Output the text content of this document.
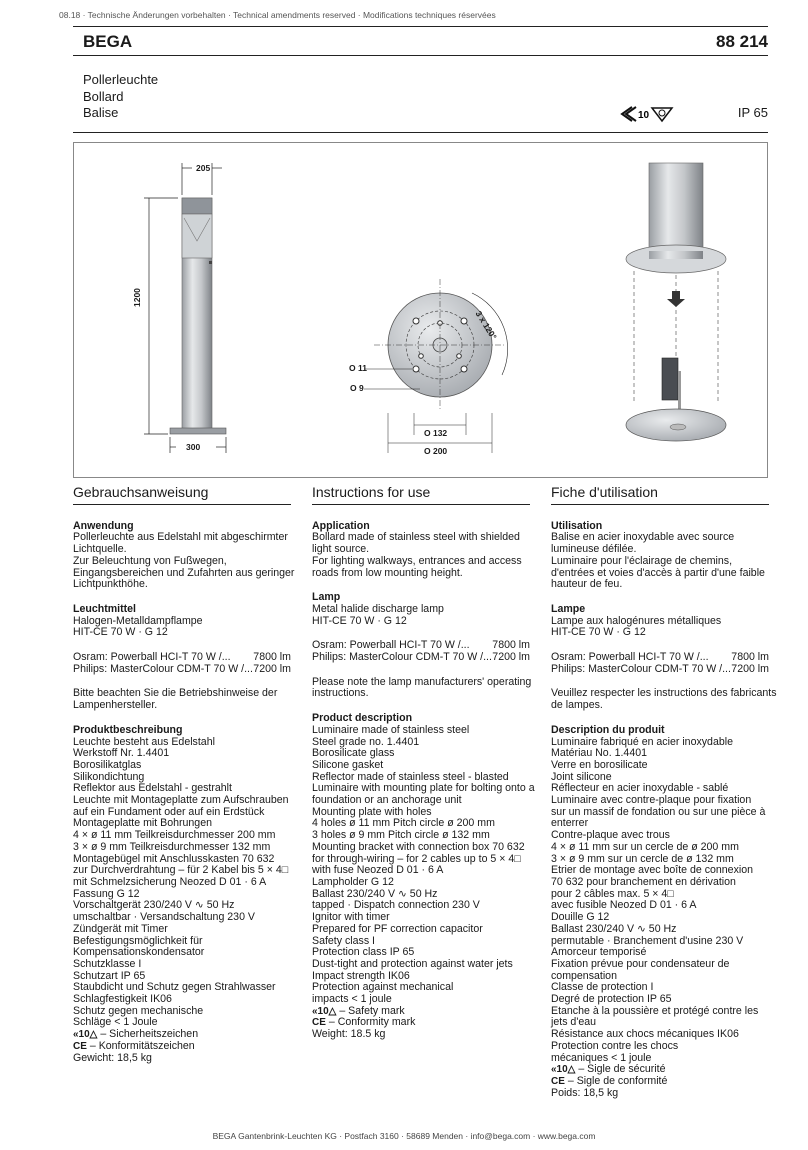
08.18 · Technische Änderungen vorbehalten · Technical amendments reserved · Modifications techniques réservées
BEGA	88 214
Pollerleuchte
Bollard
Balise	10	IP 65
205
1200
300
3 x 120°
O 11
O 9
O 132
O 200
Gebrauchsanweisung
Anwendung
Pollerleuchte aus Edelstahl mit abgeschirmter
Lichtquelle.
Zur Beleuchtung von Fußwegen,
Eingangsbereichen und Zufahrten aus geringer
Lichtpunkthöhe.
Leuchtmittel
Halogen-Metalldampflampe
HIT-CE 70 W · G 12
Osram: Powerball HCI-T 70 W /... 7800 lm
Philips: MasterColour CDM-T 70 W /... 7200 lm
Bitte beachten Sie die Betriebshinweise der
Lampenhersteller.
Produktbeschreibung
Leuchte besteht aus Edelstahl
Werkstoff Nr. 1.4401
Borosilikatglas
Silikondichtung
Reflektor aus Edelstahl - gestrahlt
Leuchte mit Montageplatte zum Aufschrauben
auf ein Fundament oder auf ein Erdstück
Montageplatte mit Bohrungen
4 × ø 11 mm Teilkreisdurchmesser 200 mm
3 × ø 9 mm Teilkreisdurchmesser 132 mm
Montagebügel mit Anschlusskasten 70 632
zur Durchverdrahtung – für 2 Kabel bis 5 × 4□
mit Schmelzsicherung Neozed D 01 · 6 A
Fassung G 12
Vorschaltgerät 230/240 V ∿ 50 Hz
umschaltbar · Versandschaltung 230 V
Zündgerät mit Timer
Befestigungsmöglichkeit für
Kompensationskondensator
Schutzklasse I
Schutzart IP 65
Staubdicht und Schutz gegen Strahlwasser
Schlagfestigkeit IK06
Schutz gegen mechanische
Schläge < 1 Joule
«10△ – Sicherheitszeichen
CE – Konformitätszeichen
Gewicht: 18,5 kg
Instructions for use
Application
Bollard made of stainless steel with shielded
light source.
For lighting walkways, entrances and access
roads from low mounting height.
Lamp
Metal halide discharge lamp
HIT-CE 70 W · G 12
Osram: Powerball HCI-T 70 W /... 7800 lm
Philips: MasterColour CDM-T 70 W /... 7200 lm
Please note the lamp manufacturers' operating
instructions.
Product description
Luminaire made of stainless steel
Steel grade no. 1.4401
Borosilicate glass
Silicone gasket
Reflector made of stainless steel - blasted
Luminaire with mounting plate for bolting onto a
foundation or an anchorage unit
Mounting plate with holes
4 holes ø 11 mm Pitch circle ø 200 mm
3 holes ø 9 mm Pitch circle ø 132 mm
Mounting bracket with connection box 70 632
for through-wiring – for 2 cables up to 5 × 4□
with fuse Neozed D 01 · 6 A
Lampholder G 12
Ballast 230/240 V ∿ 50 Hz
tapped · Dispatch connection 230 V
Ignitor with timer
Prepared for PF correction capacitor
Safety class I
Protection class IP 65
Dust-tight and protection against water jets
Impact strength IK06
Protection against mechanical
impacts < 1 joule
«10△ – Safety mark
CE – Conformity mark
Weight: 18.5 kg
Fiche d'utilisation
Utilisation
Balise en acier inoxydable avec source
lumineuse défilée.
Luminaire pour l'éclairage de chemins,
d'entrées et voies d'accès à partir d'une faible
hauteur de feu.
Lampe
Lampe aux halogénures métalliques
HIT-CE 70 W · G 12
Osram: Powerball HCI-T 70 W /... 7800 lm
Philips: MasterColour CDM-T 70 W /... 7200 lm
Veuillez respecter les instructions des fabricants
de lampes.
Description du produit
Luminaire fabriqué en acier inoxydable
Matériau No. 1.4401
Verre en borosilicate
Joint silicone
Réflecteur en acier inoxydable - sablé
Luminaire avec contre-plaque pour fixation
sur un massif de fondation ou sur une pièce à
enterrer
Contre-plaque avec trous
4 × ø 11 mm sur un cercle de ø 200 mm
3 × ø 9 mm sur un cercle de ø 132 mm
Etrier de montage avec boîte de connexion
70 632 pour branchement en dérivation
pour 2 câbles max. 5 × 4□
avec fusible Neozed D 01 · 6 A
Douille G 12
Ballast 230/240 V ∿ 50 Hz
permutable · Branchement d'usine 230 V
Amorceur temporisé
Fixation prévue pour condensateur de
compensation
Classe de protection I
Degré de protection IP 65
Etanche à la poussière et protégé contre les
jets d'eau
Résistance aux chocs mécaniques IK06
Protection contre les chocs
mécaniques < 1 joule
«10△ – Sigle de sécurité
CE – Sigle de conformité
Poids: 18,5 kg
BEGA Gantenbrink-Leuchten KG · Postfach 3160 · 58689 Menden · info@bega.com · www.bega.com
